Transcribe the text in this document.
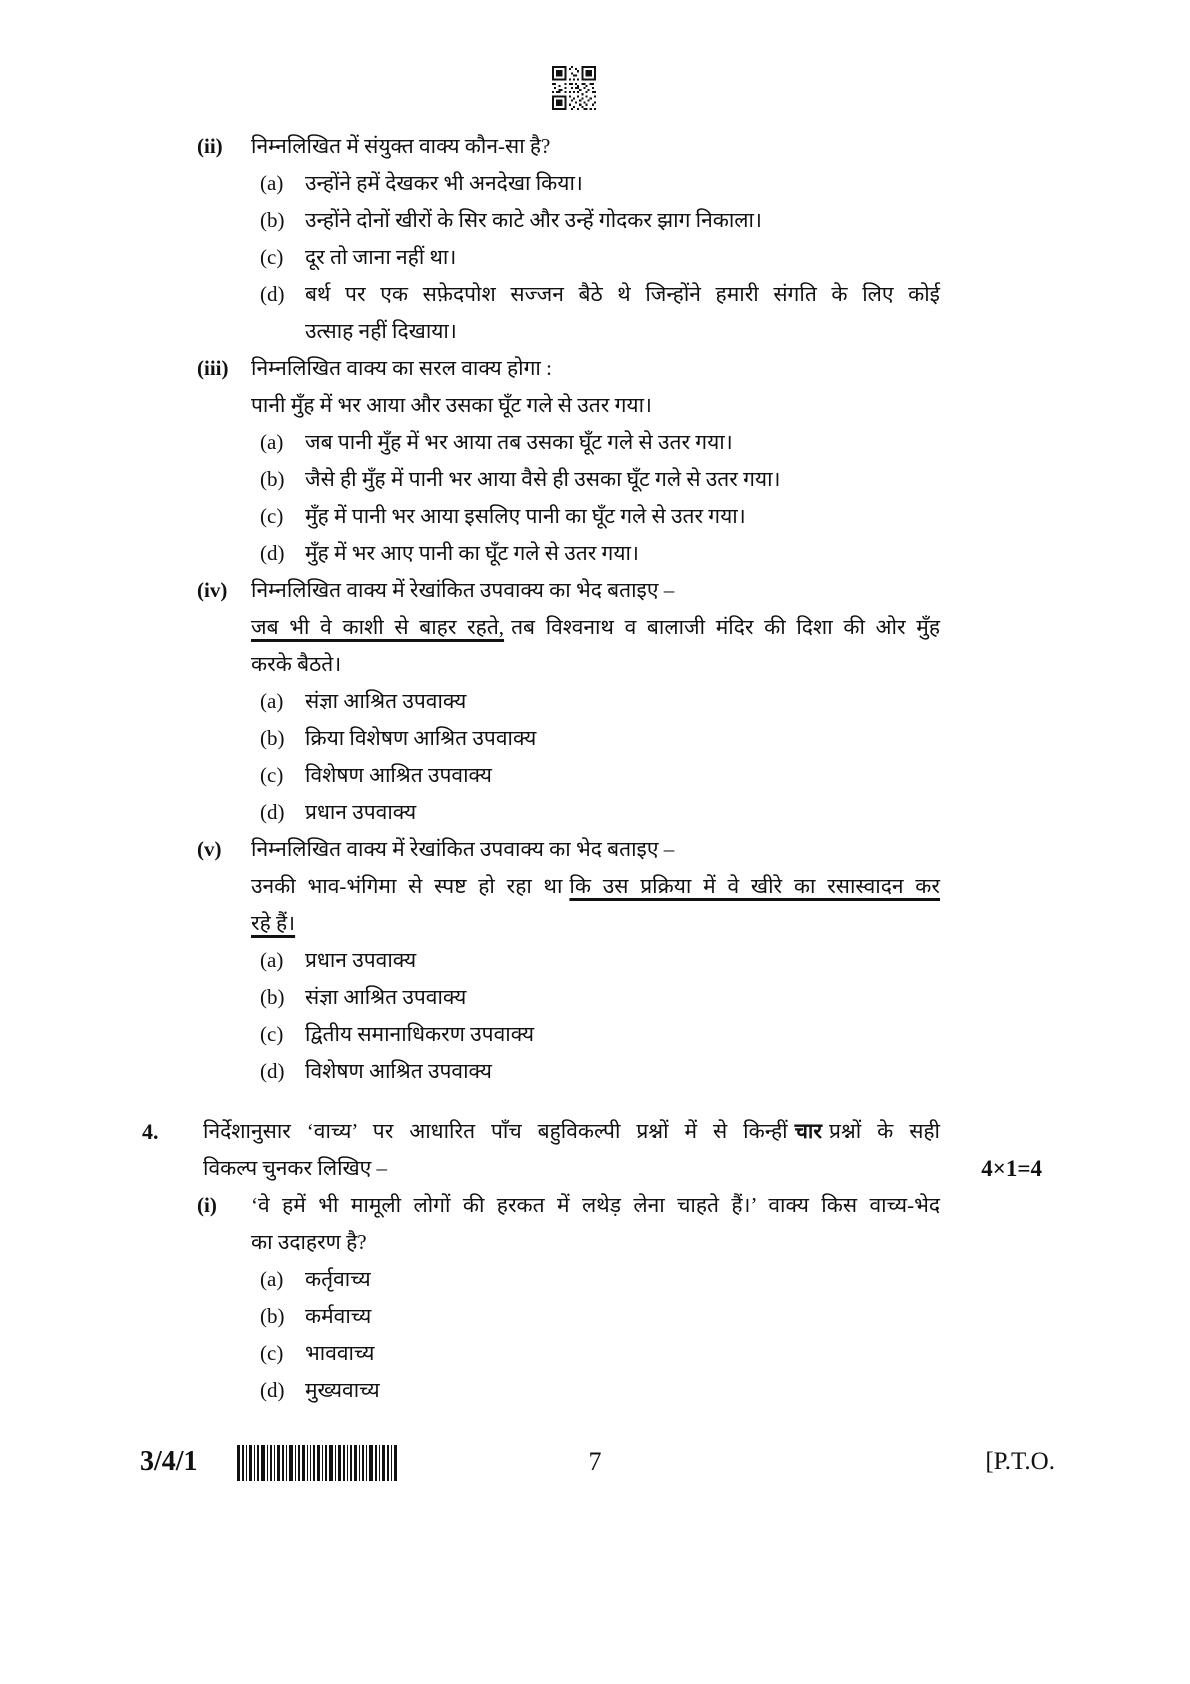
(ii)	निम्नलिखित में संयुक्त वाक्य कौन-सा है?
(a)	उन्होंने हमें देखकर भी अनदेखा किया।
(b) उन्होंने दोनों खीरों के सिर काटे और उन्हें गोदकर झाग निकाला।
(c)	दूर तो जाना नहीं था।
(d) बर्थ पर एक सफ़ेदपोश सज्जन बैठे थे जिन्होंने हमारी संगति के लिए कोई
उत्साह नहीं दिखाया।
(iii)	निम्नलिखित वाक्य का सरल वाक्य होगा :
पानी मुँह में भर आया और उसका घूँट गले से उतर गया।
(a)	जब पानी मुँह में भर आया तब उसका घूँट गले से उतर गया।
(b) जैसे ही मुँह में पानी भर आया वैसे ही उसका घूँट गले से उतर गया।
(c)	मुँह में पानी भर आया इसलिए पानी का घूँट गले से उतर गया।
(d) मुँह में भर आए पानी का घूँट गले से उतर गया।
(iv)	निम्नलिखित वाक्य में रेखांकित उपवाक्य का भेद बताइए –
जब भी वे काशी से बाहर रहते, तब विश्वनाथ व बालाजी मंदिर की दिशा की ओर मुँह
करके बैठते।
(a)	संज्ञा आश्रित उपवाक्य
(b) क्रिया विशेषण आश्रित उपवाक्य
(c)	विशेषण आश्रित उपवाक्य
(d) प्रधान उपवाक्य
(v)	निम्नलिखित वाक्य में रेखांकित उपवाक्य का भेद बताइए –
उनकी भाव-भंगिमा से स्पष्ट हो रहा था कि उस प्रक्रिया में वे खीरे का रसास्वादन कर
रहे हैं।
(a)	प्रधान उपवाक्य
(b) संज्ञा आश्रित उपवाक्य
(c)	द्वितीय समानाधिकरण उपवाक्य
(d) विशेषण आश्रित उपवाक्य
4.	निर्देशानुसार ‘वाच्य’ पर आधारित पाँच बहुविकल्पी प्रश्नों में से किन्हीं चार प्रश्नों के सही
विकल्प चुनकर लिखिए –	4×1=4
(i)	‘वे हमें भी मामूली लोगों की हरकत में लथेड़ लेना चाहते हैं।’ वाक्य किस वाच्य-भेद
का उदाहरण है?
(a)	कर्तृवाच्य
(b) कर्मवाच्य
(c)	भाववाच्य
(d) मुख्यवाच्य
3/4/1	7	[P.T.O.
